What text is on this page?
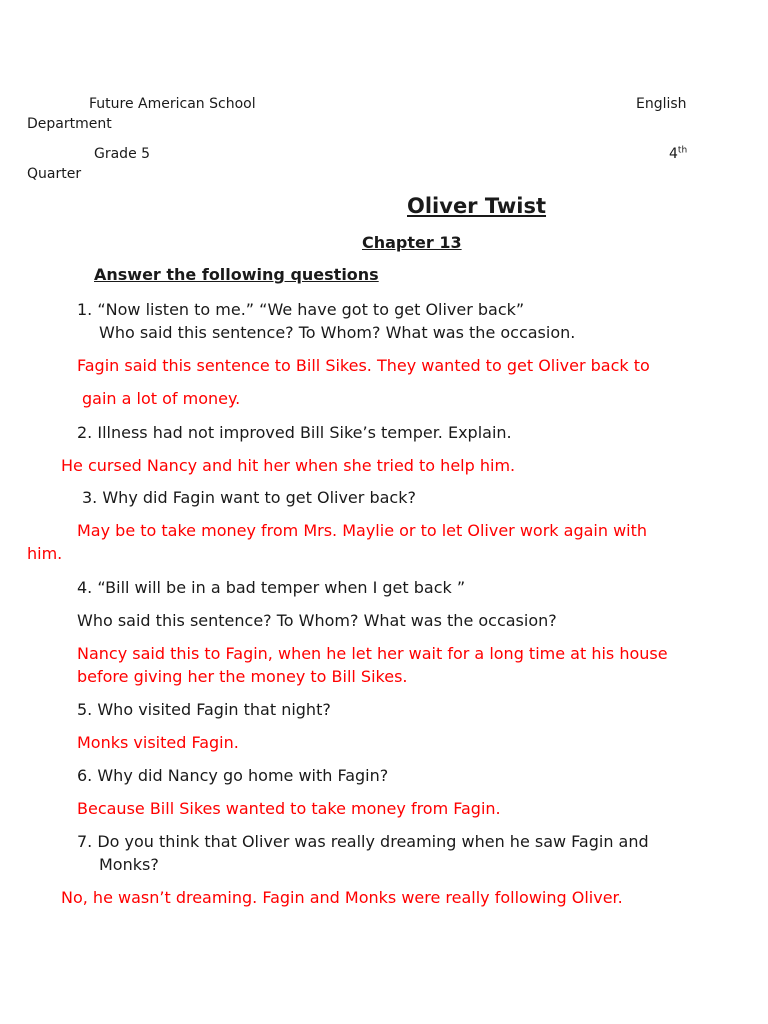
Future American School	English
Department
Grade 5	4th
Quarter
Oliver Twist
Chapter 13
Answer the following questions
1. “Now listen to me.” “We have got to get Oliver back”
Who said this sentence? To Whom? What was the occasion.
Fagin said this sentence to Bill Sikes. They wanted to get Oliver back to
gain a lot of money.
2. Illness had not improved Bill Sike’s temper. Explain.
He cursed Nancy and hit her when she tried to help him.
3. Why did Fagin want to get Oliver back?
May be to take money from Mrs. Maylie or to let Oliver work again with
him.
4. “Bill will be in a bad temper when I get back ”
Who said this sentence? To Whom? What was the occasion?
Nancy said this to Fagin, when he let her wait for a long time at his house
before giving her the money to Bill Sikes.
5. Who visited Fagin that night?
Monks visited Fagin.
6. Why did Nancy go home with Fagin?
Because Bill Sikes wanted to take money from Fagin.
7. Do you think that Oliver was really dreaming when he saw Fagin and
Monks?
No, he wasn’t dreaming. Fagin and Monks were really following Oliver.
